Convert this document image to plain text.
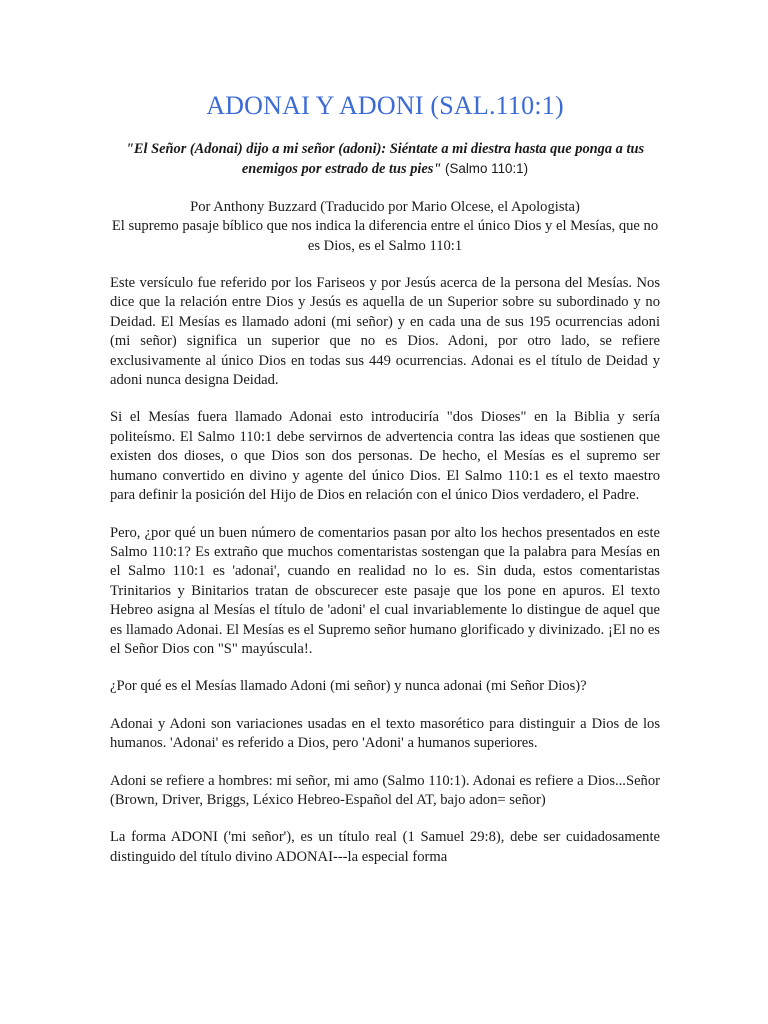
ADONAI Y ADONI (SAL.110:1)

"El Señor (Adonai) dijo a mi señor (adoni): Siéntate a mi diestra hasta que ponga a tus enemigos por estrado de tus pies" (Salmo 110:1)

Por Anthony Buzzard (Traducido por Mario Olcese, el Apologista)

El supremo pasaje bíblico que nos indica la diferencia entre el único Dios y el Mesías, que no es Dios, es el Salmo 110:1

Este versículo fue referido por los Fariseos y por Jesús acerca de la persona del Mesías. Nos dice que la relación entre Dios y Jesús es aquella de un Superior sobre su subordinado y no Deidad. El Mesías es llamado adoni (mi señor) y en cada una de sus 195 ocurrencias adoni (mi señor) significa un superior que no es Dios. Adoni, por otro lado, se refiere exclusivamente al único Dios en todas sus 449 ocurrencias. Adonai es el título de Deidad y adoni nunca designa Deidad.

Si el Mesías fuera llamado Adonai esto introduciría "dos Dioses" en la Biblia y sería politeísmo. El Salmo 110:1 debe servirnos de advertencia contra las ideas que sostienen que existen dos dioses, o que Dios son dos personas. De hecho, el Mesías es el supremo ser humano convertido en divino y agente del único Dios. El Salmo 110:1 es el texto maestro para definir la posición del Hijo de Dios en relación con el único Dios verdadero, el Padre.

Pero, ¿por qué un buen número de comentarios pasan por alto los hechos presentados en este Salmo 110:1? Es extraño que muchos comentaristas sostengan que la palabra para Mesías en el Salmo 110:1 es 'adonai', cuando en realidad no lo es. Sin duda, estos comentaristas Trinitarios y Binitarios tratan de obscurecer este pasaje que los pone en apuros. El texto Hebreo asigna al Mesías el título de 'adoni' el cual invariablemente lo distingue de aquel que es llamado Adonai. El Mesías es el Supremo señor humano glorificado y divinizado. ¡El no es el Señor Dios con "S" mayúscula!.

¿Por qué es el Mesías llamado Adoni (mi señor) y nunca adonai (mi Señor Dios)?

Adonai y Adoni son variaciones usadas en el texto masorético para distinguir a Dios de los humanos. 'Adonai' es referido a Dios, pero 'Adoni' a humanos superiores.

Adoni se refiere a hombres: mi señor, mi amo (Salmo 110:1). Adonai es refiere a Dios...Señor (Brown, Driver, Briggs, Léxico Hebreo-Español del AT, bajo adon= señor)

La forma ADONI ('mi señor'), es un título real (1 Samuel 29:8), debe ser cuidadosamente distinguido del título divino ADONAI---la especial forma
